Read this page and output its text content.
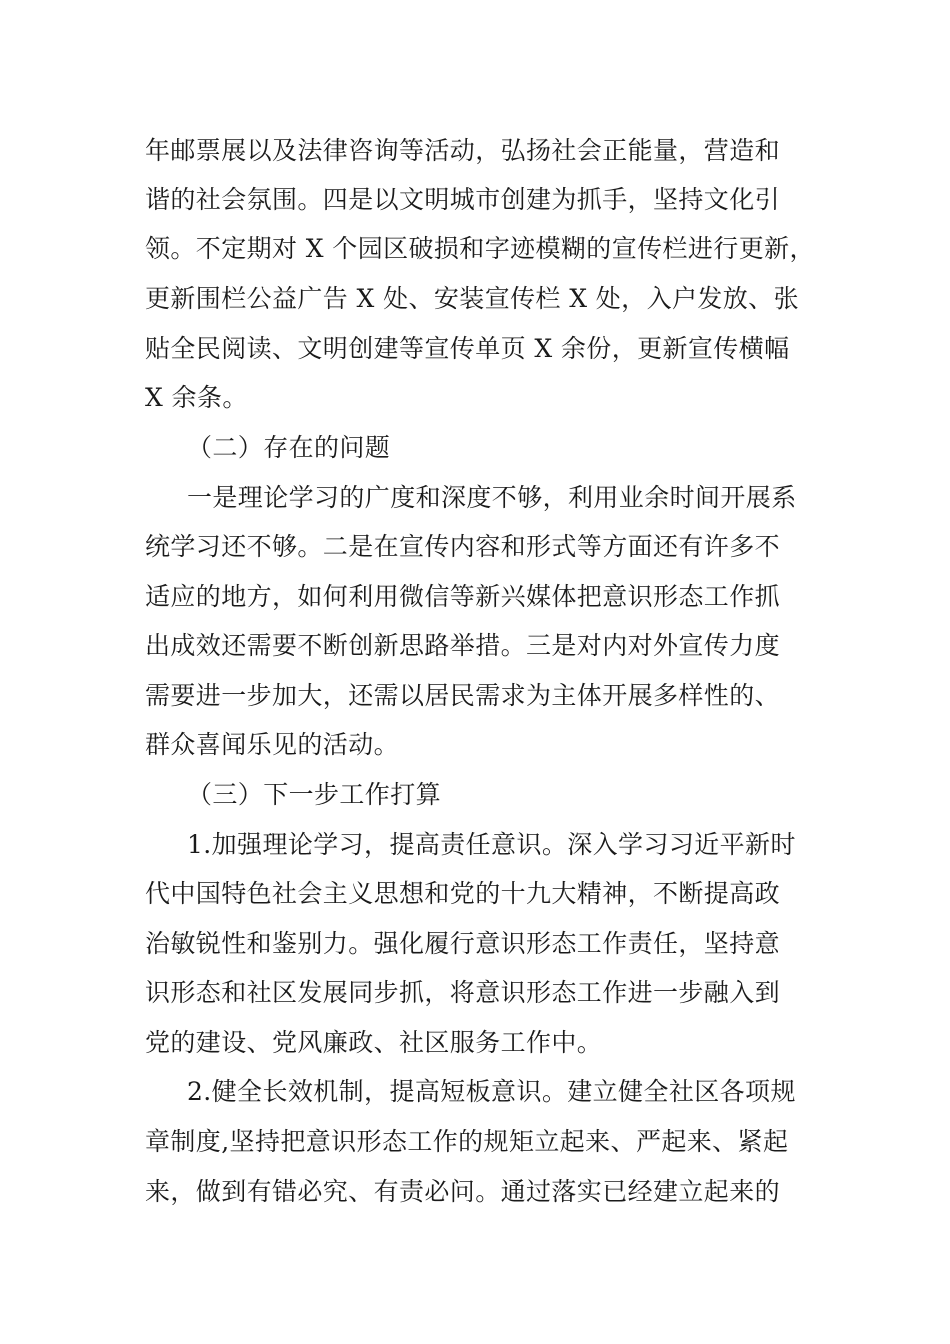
年邮票展以及法律咨询等活动，弘扬社会正能量，营造和
谐的社会氛围。四是以文明城市创建为抓手，坚持文化引
领。不定期对 X 个园区破损和字迹模糊的宣传栏进行更新，
更新围栏公益广告 X 处、安装宣传栏 X 处，入户发放、张
贴全民阅读、文明创建等宣传单页 X 余份，更新宣传横幅
X 余条。
（二）存在的问题
一是理论学习的广度和深度不够，利用业余时间开展系
统学习还不够。二是在宣传内容和形式等方面还有许多不
适应的地方，如何利用微信等新兴媒体把意识形态工作抓
出成效还需要不断创新思路举措。三是对内对外宣传力度
需要进一步加大，还需以居民需求为主体开展多样性的、
群众喜闻乐见的活动。
（三）下一步工作打算
1.加强理论学习，提高责任意识。深入学习习近平新时
代中国特色社会主义思想和党的十九大精神，不断提高政
治敏锐性和鉴别力。强化履行意识形态工作责任，坚持意
识形态和社区发展同步抓，将意识形态工作进一步融入到
党的建设、党风廉政、社区服务工作中。
2.健全长效机制，提高短板意识。建立健全社区各项规
章制度,坚持把意识形态工作的规矩立起来、严起来、紧起
来，做到有错必究、有责必问。通过落实已经建立起来的
